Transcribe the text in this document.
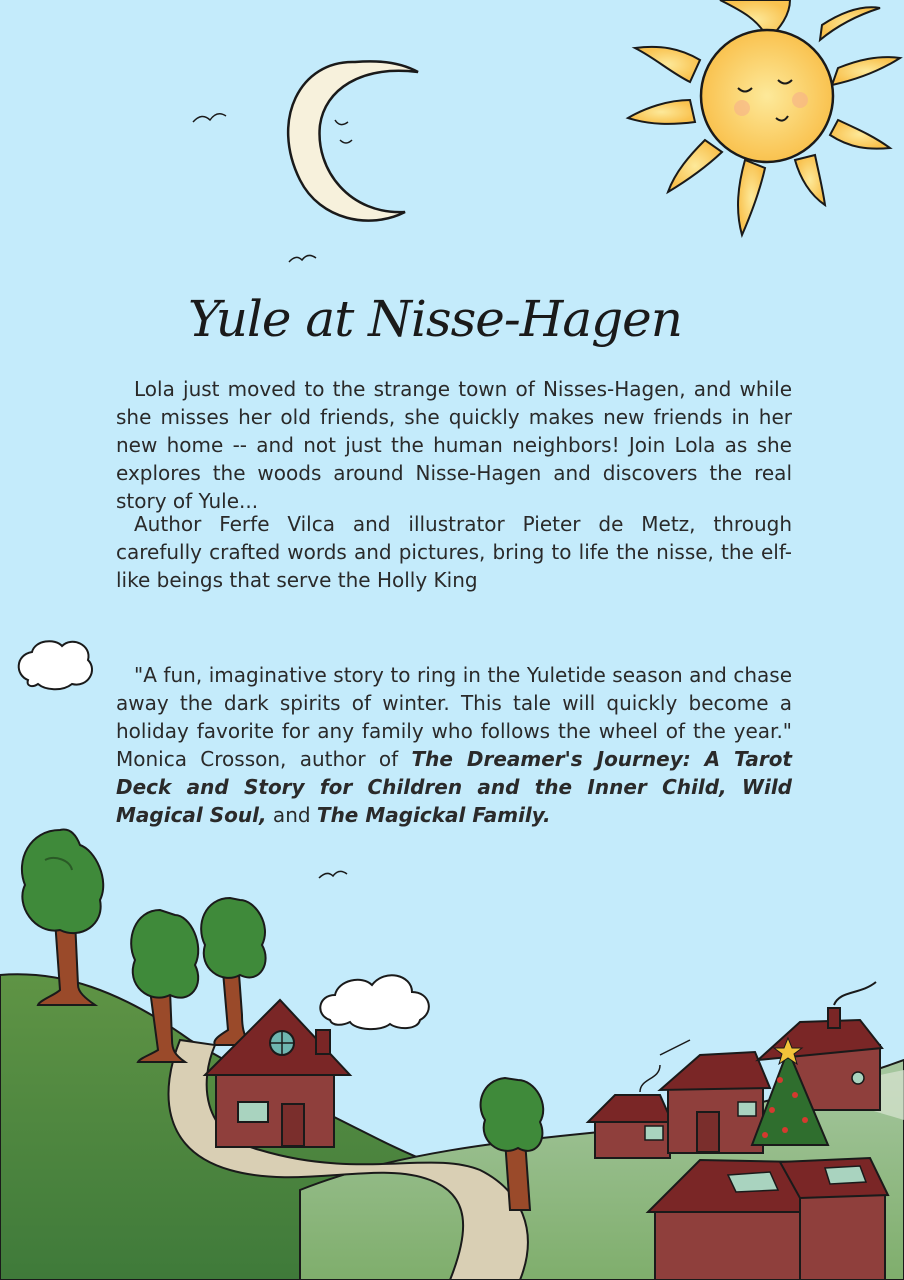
Yule at Nisse-Hagen

Lola just moved to the strange town of Nisses-Hagen, and while she misses her old friends, she quickly makes new friends in her new home -- and not just the human neighbors! Join Lola as she explores the woods around Nisse-Hagen and discovers the real story of Yule...

Author Ferfe Vilca and illustrator Pieter de Metz, through carefully crafted words and pictures, bring to life the nisse, the elf-like beings that serve the Holly King

"A fun, imaginative story to ring in the Yuletide season and chase away the dark spirits of winter. This tale will quickly become a holiday favorite for any family who follows the wheel of the year." Monica Crosson, author of The Dreamer's Journey: A Tarot Deck and Story for Children and the Inner Child, Wild Magical Soul, and The Magickal Family.
